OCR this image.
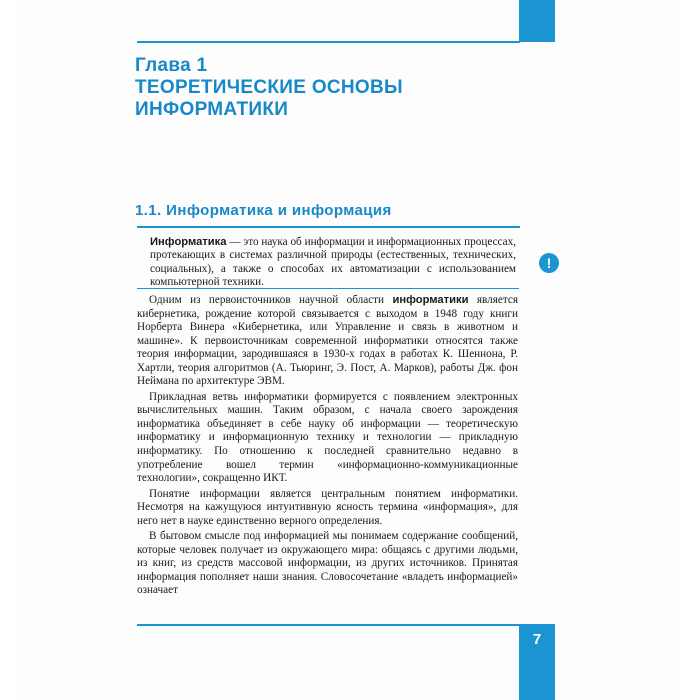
Глава 1
ТЕОРЕТИЧЕСКИЕ ОСНОВЫ
ИНФОРМАТИКИ
1.1. Информатика и информация
Информатика — это наука об информации и информационных процессах, протекающих в системах различной природы (естественных, технических, социальных), а также о способах их автоматизации с использованием компьютерной техники.
!

Одним из первоисточников научной области информатики является кибернетика, рождение которой связывается с выходом в 1948 году книги Норберта Винера «Кибернетика, или Управление и связь в животном и машине». К первоисточникам современной информатики относятся также теория информации, зародившаяся в 1930-х годах в работах К. Шеннона, Р. Хартли, теория алгоритмов (А. Тьюринг, Э. Пост, А. Марков), работы Дж. фон Неймана по архитектуре ЭВМ.

Прикладная ветвь информатики формируется с появлением электронных вычислительных машин. Таким образом, с начала своего зарождения информатика объединяет в себе науку об информации — теоретическую информатику и информационную технику и технологии — прикладную информатику. По отношению к последней сравнительно недавно в употребление вошел термин «информационно-коммуникационные технологии», сокращенно ИКТ.

Понятие информации является центральным понятием информатики. Несмотря на кажущуюся интуитивную ясность термина «информация», для него нет в науке единственно верного определения.

В бытовом смысле под информацией мы понимаем содержание сообщений, которые человек получает из окружающего мира: общаясь с другими людьми, из книг, из средств массовой информации, из других источников. Принятая информация пополняет наши знания. Словосочетание «владеть информацией» означает

7
